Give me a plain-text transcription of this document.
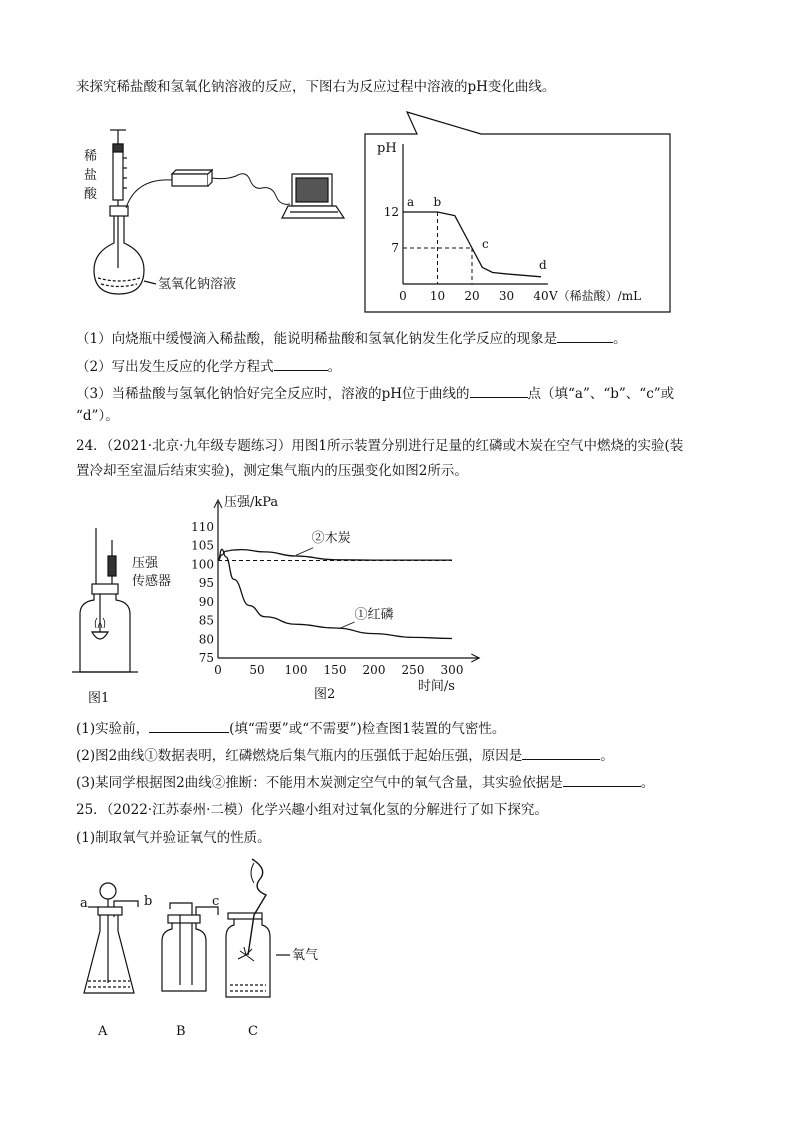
来探究稀盐酸和氢氧化钠溶液的反应，下图右为反应过程中溶液的pH变化曲线。
稀
盐
酸
氢氧化钠溶液
pH
12
7
0 10 20 30 40 V（稀盐酸）/mL
a b
c
d
（1）向烧瓶中缓慢滴入稀盐酸，能说明稀盐酸和氢氧化钠发生化学反应的现象是	。
（2）写出发生反应的化学方程式	。
（3）当稀盐酸与氢氧化钠恰好完全反应时，溶液的pH位于曲线的	点（填“a”、“b”、“c”或
“d”）。
24．（2021·北京·九年级专题练习）用图1所示装置分别进行足量的红磷或木炭在空气中燃烧的实验(装
置冷却至室温后结束实验)，测定集气瓶内的压强变化如图2所示。
压强
传感器
图1
压强/kPa
110
105
100
95
90
85
80
75
0 50 100 150 200 250 300
时间/s
②木炭
①红磷
图2
(1)实验前，	(填“需要”或“不需要”)检查图1装置的气密性。
(2)图2曲线①数据表明，红磷燃烧后集气瓶内的压强低于起始压强，原因是	。
(3)某同学根据图2曲线②推断：不能用木炭测定空气中的氧气含量，其实验依据是	。
25．（2022·江苏泰州·二模）化学兴趣小组对过氧化氢的分解进行了如下探究。
(1)制取氧气并验证氧气的性质。
a	b	c
氧气
A	B	C
